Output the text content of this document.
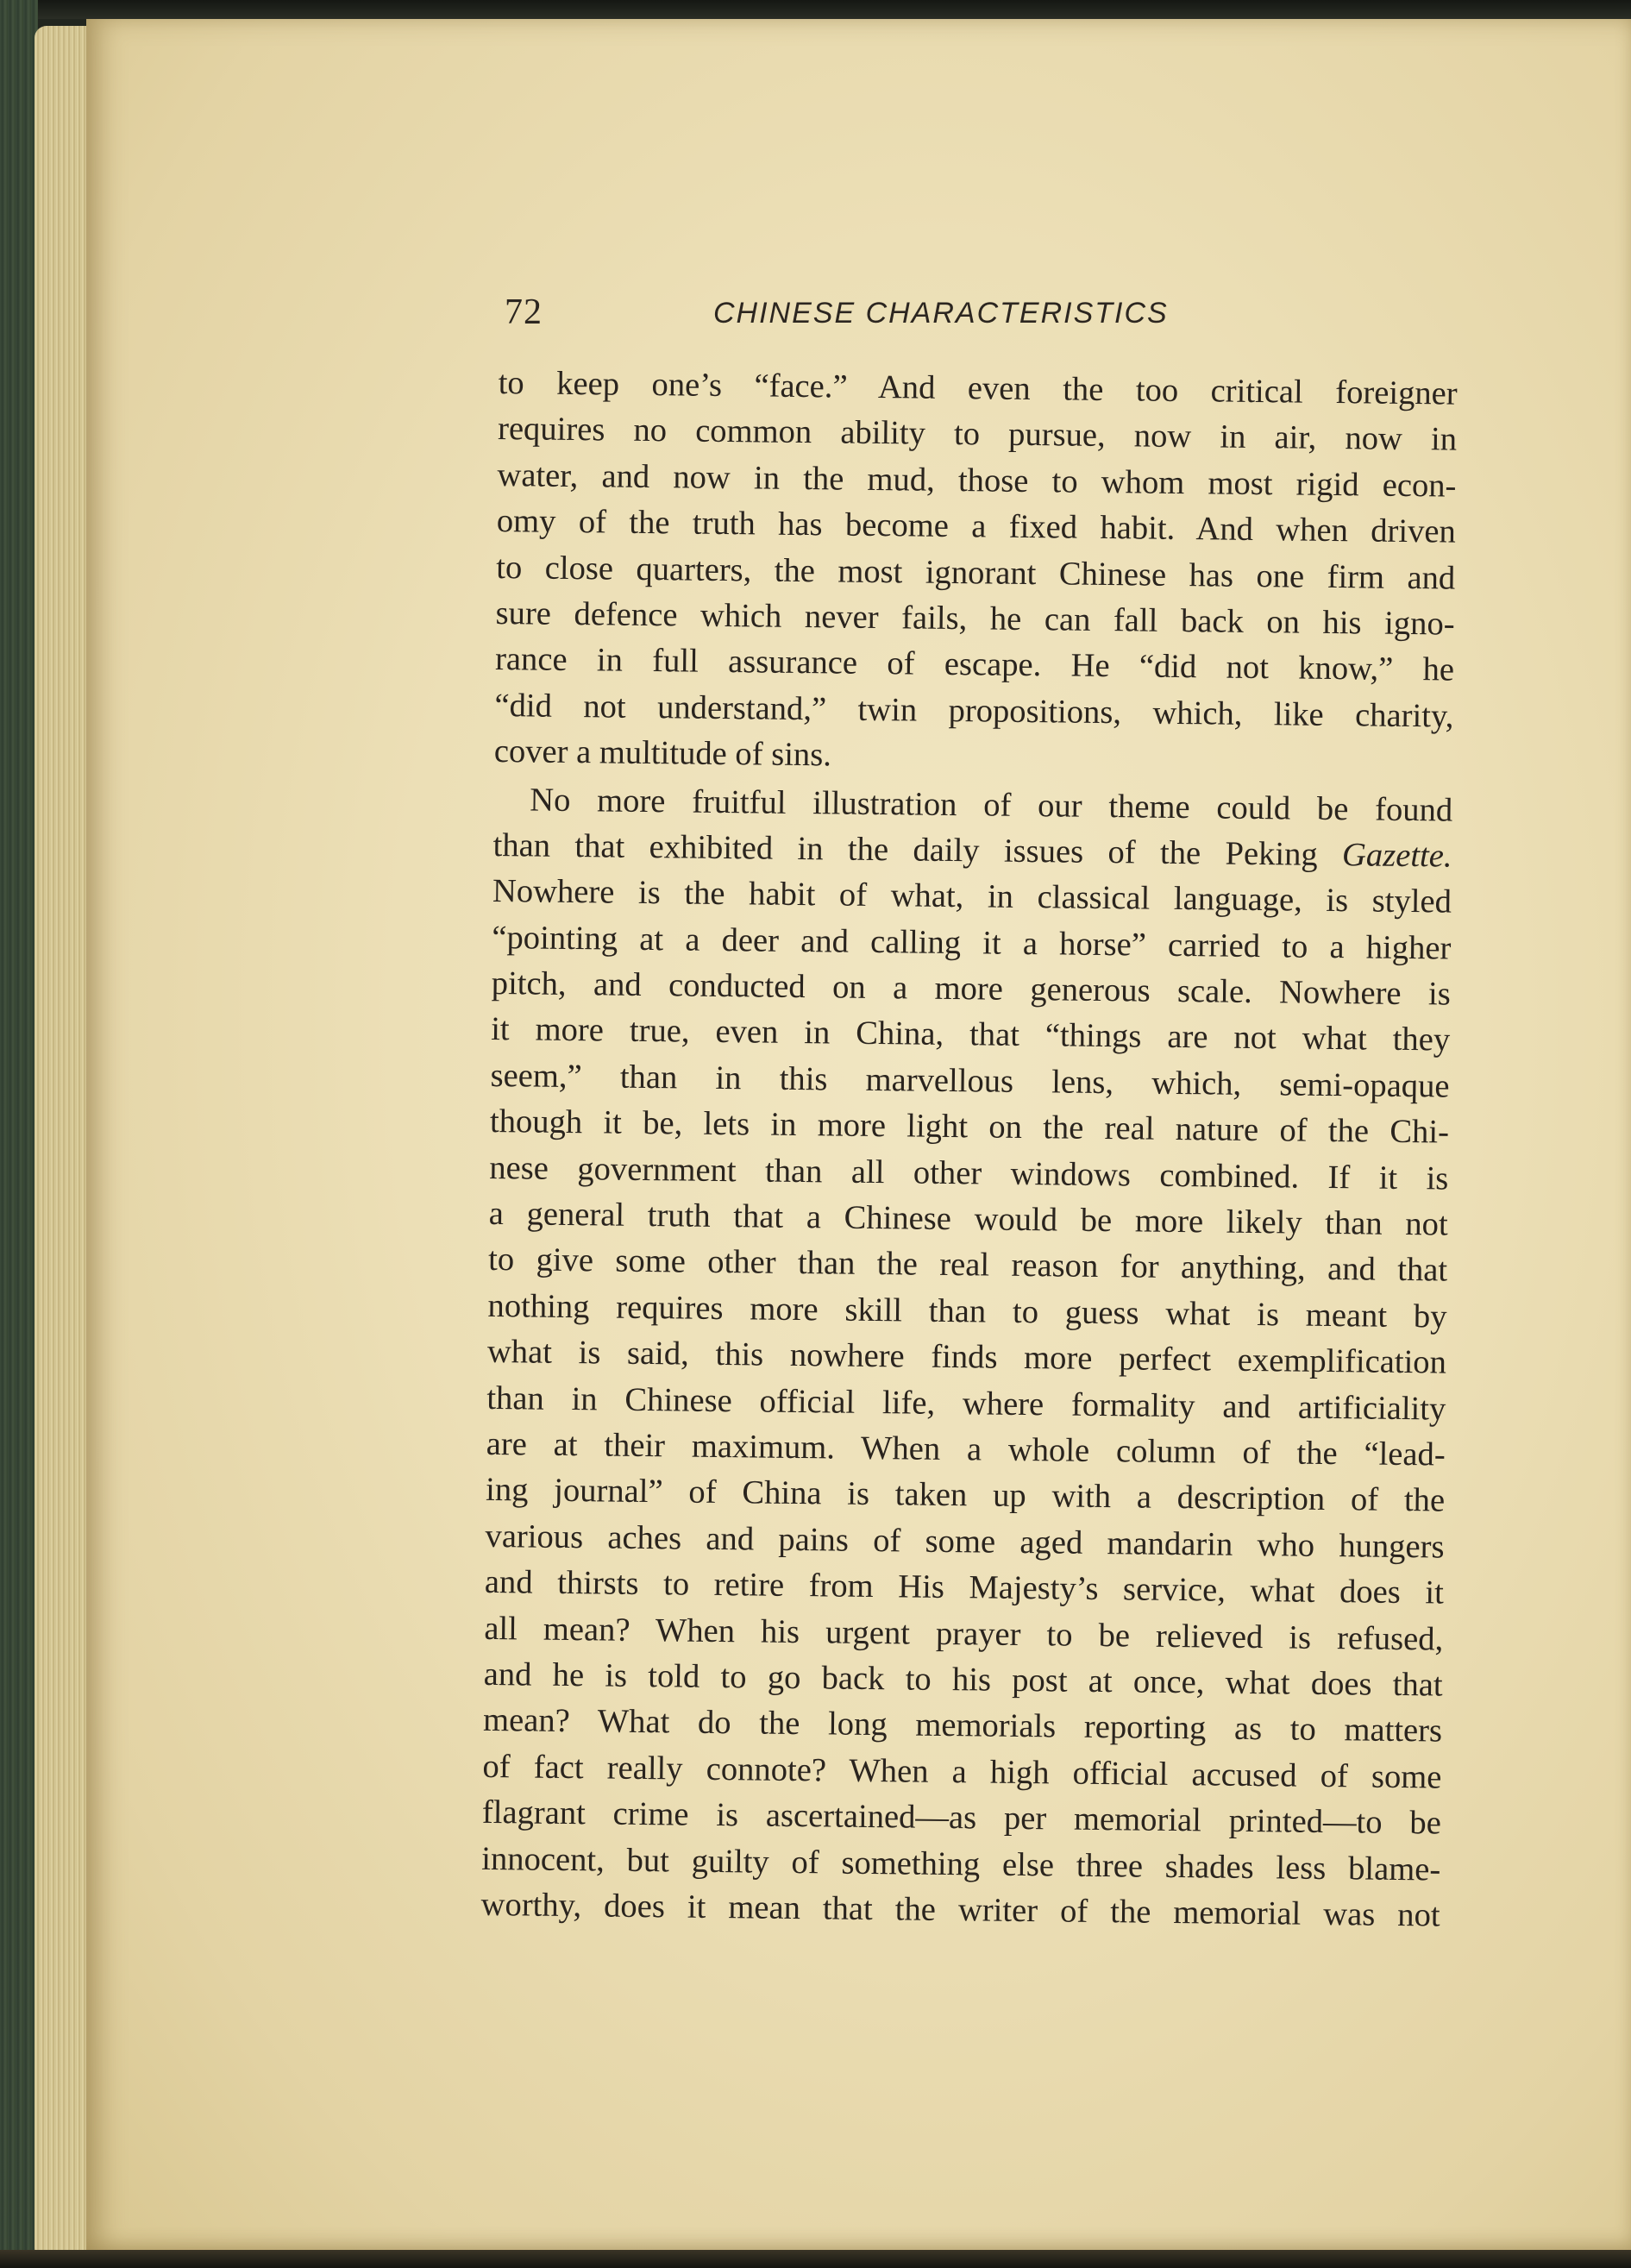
72	CHINESE CHARACTERISTICS
to keep one’s “face.” And even the too critical foreigner
requires no common ability to pursue, now in air, now in
water, and now in the mud, those to whom most rigid econ-
omy of the truth has become a fixed habit. And when driven
to close quarters, the most ignorant Chinese has one firm and
sure defence which never fails, he can fall back on his igno-
rance in full assurance of escape. He “did not know,” he
“did not understand,” twin propositions, which, like charity,
cover a multitude of sins.
No more fruitful illustration of our theme could be found
than that exhibited in the daily issues of the Peking Gazette.
Nowhere is the habit of what, in classical language, is styled
“pointing at a deer and calling it a horse” carried to a higher
pitch, and conducted on a more generous scale. Nowhere is
it more true, even in China, that “things are not what they
seem,” than in this marvellous lens, which, semi-opaque
though it be, lets in more light on the real nature of the Chi-
nese government than all other windows combined. If it is
a general truth that a Chinese would be more likely than not
to give some other than the real reason for anything, and that
nothing requires more skill than to guess what is meant by
what is said, this nowhere finds more perfect exemplification
than in Chinese official life, where formality and artificiality
are at their maximum. When a whole column of the “lead-
ing journal” of China is taken up with a description of the
various aches and pains of some aged mandarin who hungers
and thirsts to retire from His Majesty’s service, what does it
all mean? When his urgent prayer to be relieved is refused,
and he is told to go back to his post at once, what does that
mean? What do the long memorials reporting as to matters
of fact really connote? When a high official accused of some
flagrant crime is ascertained—as per memorial printed—to be
innocent, but guilty of something else three shades less blame-
worthy, does it mean that the writer of the memorial was not
